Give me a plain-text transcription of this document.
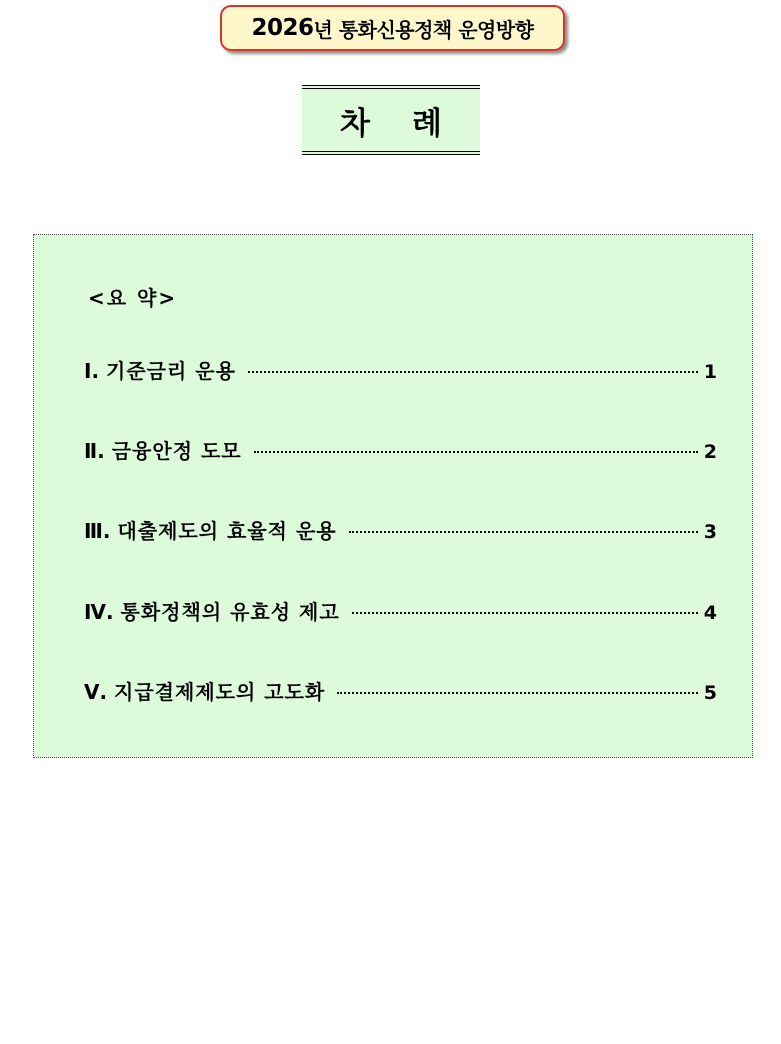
2026 년 통화신용정책 운영방향
차례
<요 약>
Ⅰ. 기준금리 운용	1
Ⅱ. 금융안정 도모	2
Ⅲ. 대출제도의 효율적 운용	3
Ⅳ. 통화정책의 유효성 제고	4
Ⅴ. 지급결제제도의 고도화	5
